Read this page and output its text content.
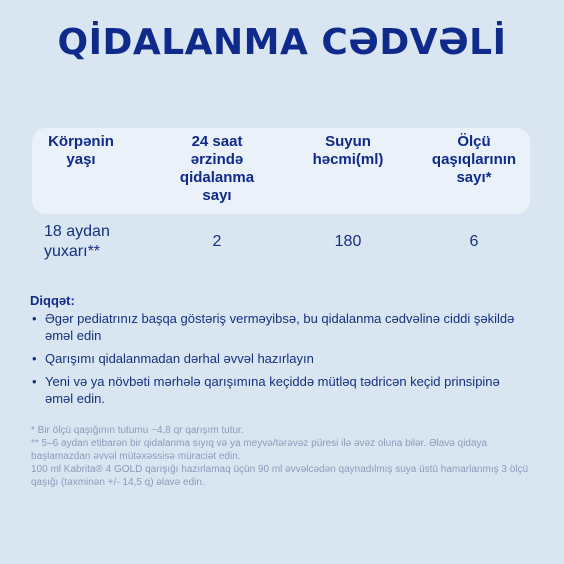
QİDALANMA CƏDVƏLİ
Körpənin yaşı
24 saat ərzində qidalanma sayı
Suyun həcmi(ml)
Ölçü qaşıqlarının sayı*
18 aydan yuxarı**
2	180	6
Diqqət:
• Əgər pediatrınız başqa göstəriş verməyibsə, bu qidalanma cədvəlinə ciddi şəkildə əməl edin
• Qarışımı qidalanmadan dərhal əvvəl hazırlayın
• Yeni və ya növbəti mərhələ qarışımına keçiddə mütləq tədricən keçid prinsipinə əməl edin.
* Bir ölçü qaşığının tutumu ~4,8 qr qarışım tutur.
** 5–6 aydan etibarən bir qidalanma sıyıq və ya meyvə/tərəvəz püresi ilə əvəz oluna bilər. Əlavə qidaya başlamazdan əvvəl mütəxəssisə müraciət edin.
100 ml Kabrita® 4 GOLD qarışığı hazırlamaq üçün 90 ml əvvəlcədən qaynadılmış suya üstü hamarlanmış 3 ölçü qaşığı (təxminən +/- 14,5 q) əlavə edin.
